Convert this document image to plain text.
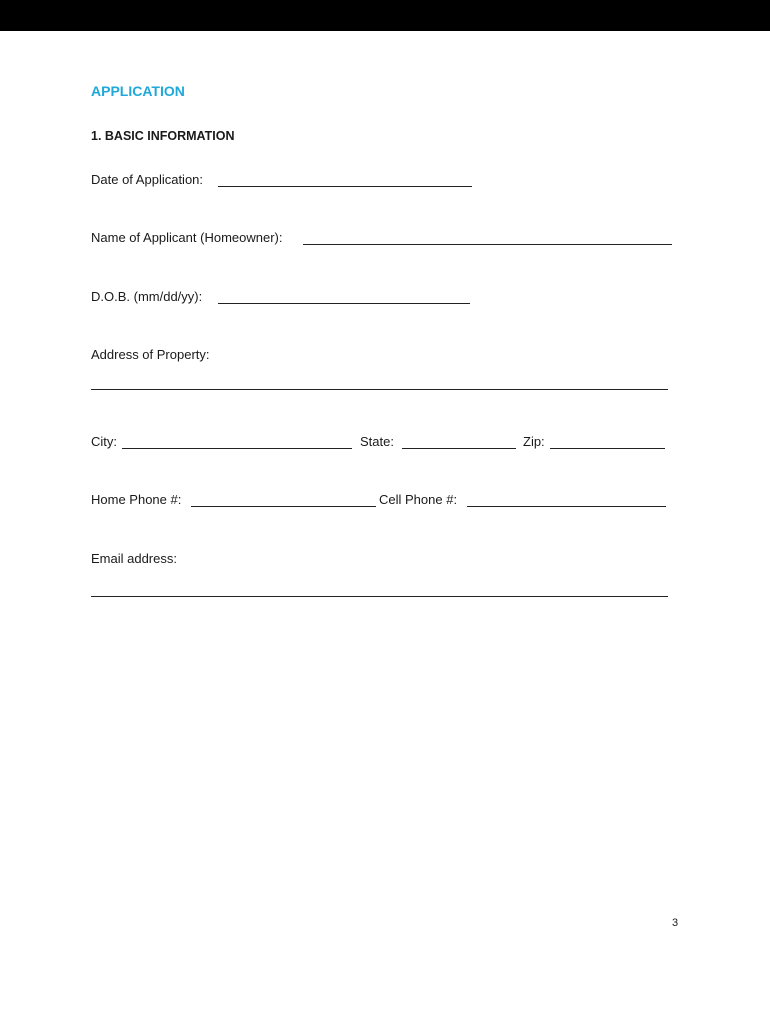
APPLICATION
1. BASIC INFORMATION
Date of Application:
Name of Applicant (Homeowner):
D.O.B. (mm/dd/yy):
Address of Property:
City:	State:	Zip:
Home Phone #:	Cell Phone #:
Email address:
3
